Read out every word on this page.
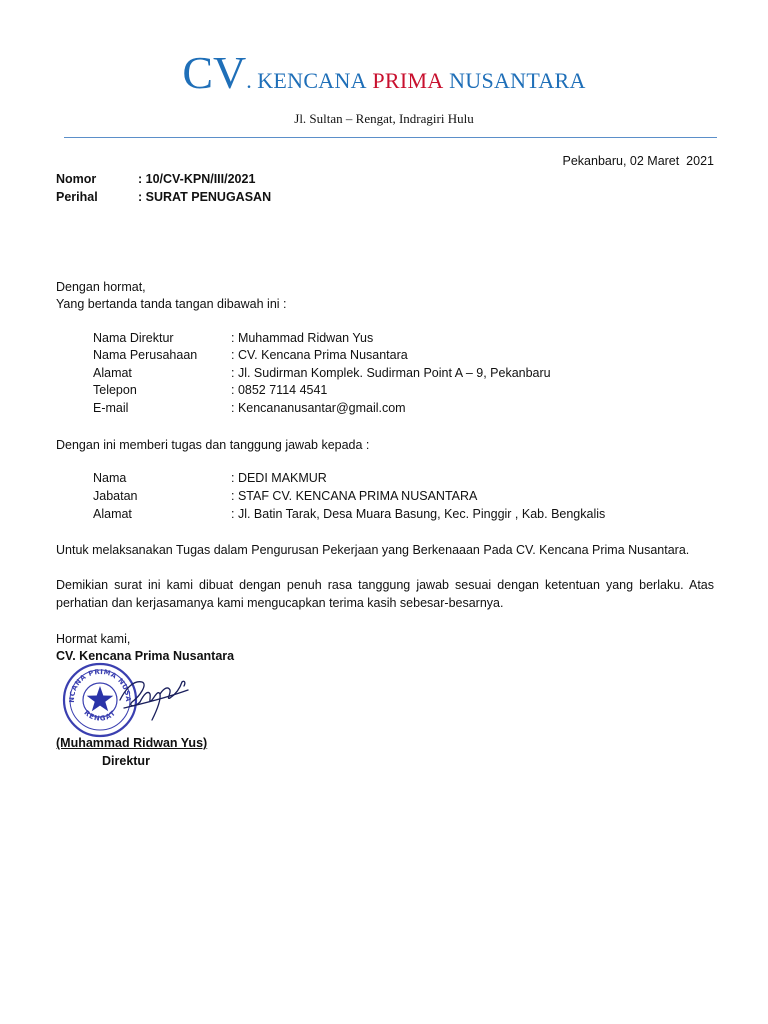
CV. KENCANA PRIMA NUSANTARA
Jl. Sultan – Rengat, Indragiri Hulu
Pekanbaru, 02 Maret  2021
Nomor	: 10/CV-KPN/III/2021
Perihal	: SURAT PENUGASAN
Dengan hormat,
Yang bertanda tanda tangan dibawah ini :
Nama Direktur	: Muhammad Ridwan Yus
Nama Perusahaan	: CV. Kencana Prima Nusantara
Alamat	: Jl. Sudirman Komplek. Sudirman Point A – 9, Pekanbaru
Telepon	: 0852 7114 4541
E-mail	: Kencananusantar@gmail.com
Dengan ini memberi tugas dan tanggung jawab kepada :
Nama	: DEDI MAKMUR
Jabatan	: STAF CV. KENCANA PRIMA NUSANTARA
Alamat	: Jl. Batin Tarak, Desa Muara Basung, Kec. Pinggir , Kab. Bengkalis
Untuk melaksanakan Tugas dalam Pengurusan Pekerjaan yang Berkenaaan Pada CV. Kencana Prima Nusantara.
Demikian surat ini kami dibuat dengan penuh rasa tanggung jawab sesuai dengan ketentuan yang berlaku. Atas perhatian dan kerjasamanya kami mengucapkan terima kasih sebesar-besarnya.
Hormat kami,
CV. Kencana Prima Nusantara
NCANA PRIMA NUSA
RENGAT
(Muhammad Ridwan Yus)
Direktur
